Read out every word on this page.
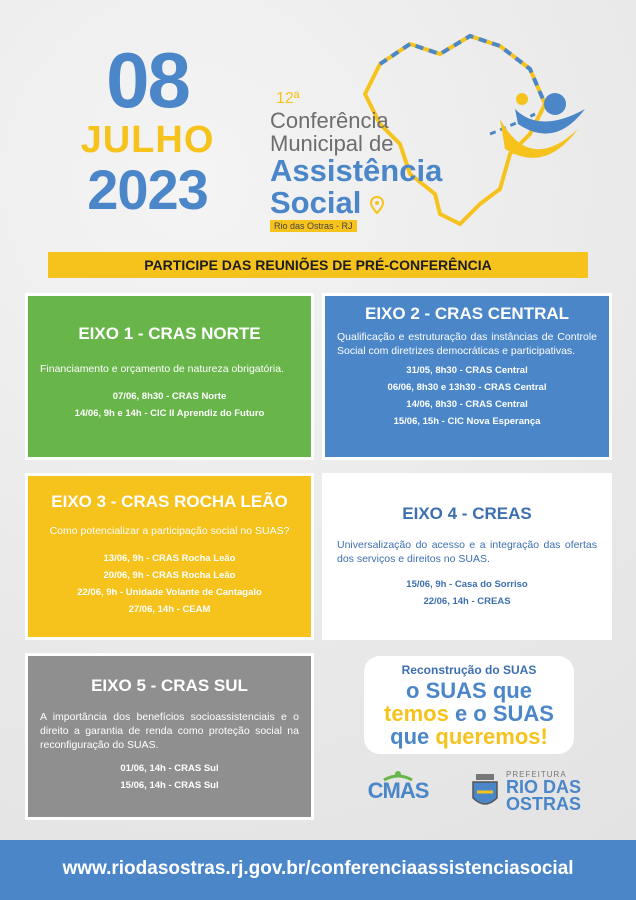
08
JULHO
2023
12ª
Conferência
Municipal de
Assistência
Social
Rio das Ostras - RJ
PARTICIPE DAS REUNIÕES DE PRÉ-CONFERÊNCIA
EIXO 1 - CRAS NORTE
Financiamento e orçamento de natureza obrigatória.
07/06, 8h30 - CRAS Norte
14/06, 9h e 14h - CIC II Aprendiz do Futuro
EIXO 2 - CRAS CENTRAL
Qualificação e estruturação das instâncias de Controle Social com diretrizes democráticas e participativas.
31/05, 8h30 - CRAS Central
06/06, 8h30 e 13h30 - CRAS Central
14/06, 8h30 - CRAS Central
15/06, 15h - CIC Nova Esperança
EIXO 3 - CRAS ROCHA LEÃO
Como potencializar a participação social no SUAS?
13/06, 9h - CRAS Rocha Leão
20/06, 9h - CRAS Rocha Leão
22/06, 9h - Unidade Volante de Cantagalo
27/06, 14h - CEAM
EIXO 4 - CREAS
Universalização do acesso e a integração das ofertas dos serviços e direitos no SUAS.
15/06, 9h - Casa do Sorriso
22/06, 14h - CREAS
EIXO 5 - CRAS SUL
A importância dos benefícios socioassistenciais e o direito a garantia de renda como proteção social na reconfiguração do SUAS.
01/06, 14h - CRAS Sul
15/06, 14h - CRAS Sul
Reconstrução do SUAS
o SUAS que
temos e o SUAS
que queremos!
CMAS
PREFEITURA
RIO DAS
OSTRAS
www.riodasostras.rj.gov.br/conferenciaassistenciasocial
